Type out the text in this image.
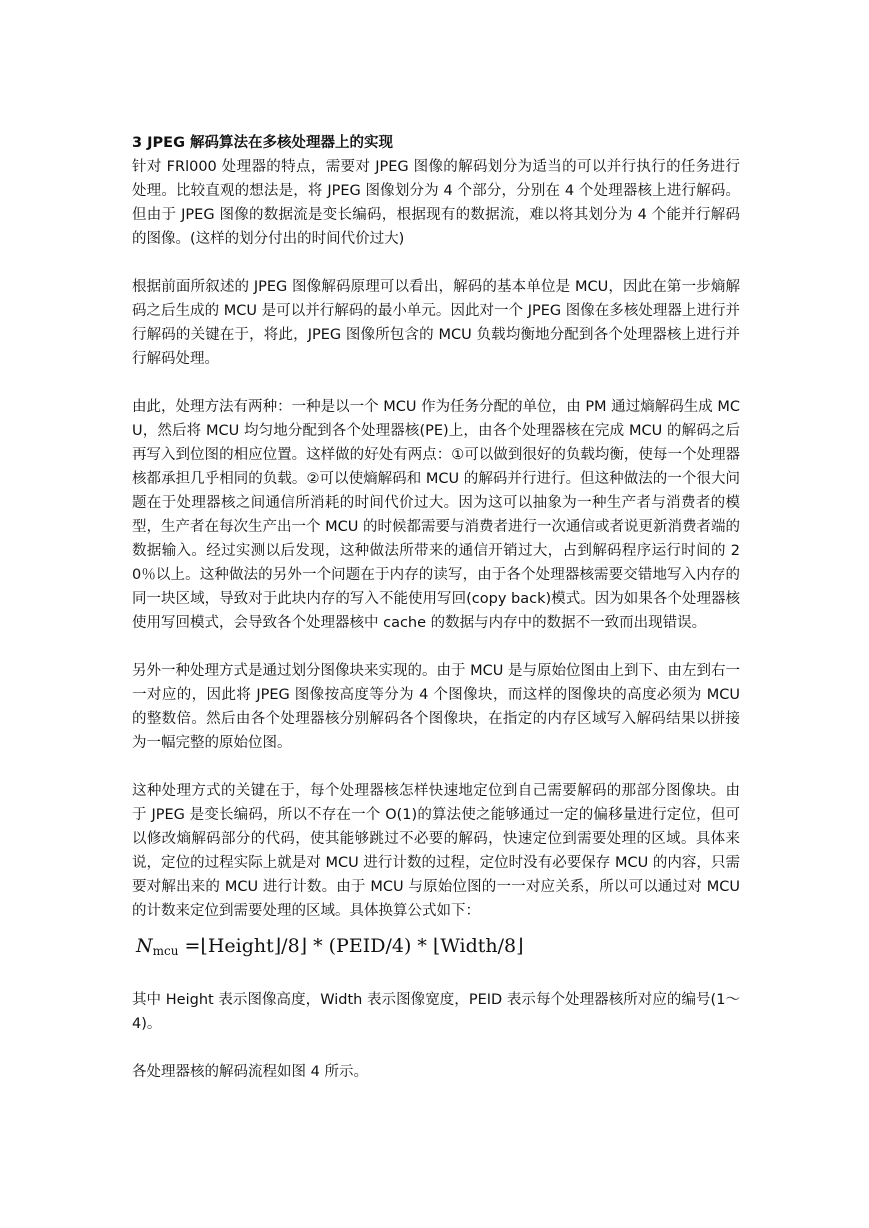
3 JPEG 解码算法在多核处理器上的实现

针对 FRl000 处理器的特点，需要对 JPEG 图像的解码划分为适当的可以并行执行的任务进行处理。比较直观的想法是，将 JPEG 图像划分为 4 个部分，分别在 4 个处理器核上进行解码。但由于 JPEG 图像的数据流是变长编码，根据现有的数据流，难以将其划分为 4 个能并行解码的图像。(这样的划分付出的时间代价过大)

根据前面所叙述的 JPEG 图像解码原理可以看出，解码的基本单位是 MCU，因此在第一步熵解码之后生成的 MCU 是可以并行解码的最小单元。因此对一个 JPEG 图像在多核处理器上进行并行解码的关键在于，将此，JPEG 图像所包含的 MCU 负载均衡地分配到各个处理器核上进行并行解码处理。

由此，处理方法有两种：一种是以一个 MCU 作为任务分配的单位，由 PM 通过熵解码生成 MCU，然后将 MCU 均匀地分配到各个处理器核(PE)上，由各个处理器核在完成 MCU 的解码之后再写入到位图的相应位置。这样做的好处有两点：①可以做到很好的负载均衡，使每一个处理器核都承担几乎相同的负载。②可以使熵解码和 MCU 的解码并行进行。但这种做法的一个很大问题在于处理器核之间通信所消耗的时间代价过大。因为这可以抽象为一种生产者与消费者的模型，生产者在每次生产出一个 MCU 的时候都需要与消费者进行一次通信或者说更新消费者端的数据输入。经过实测以后发现，这种做法所带来的通信开销过大，占到解码程序运行时间的 20％以上。这种做法的另外一个问题在于内存的读写，由于各个处理器核需要交错地写入内存的同一块区域，导致对于此块内存的写入不能使用写回(copy back)模式。因为如果各个处理器核使用写回模式，会导致各个处理器核中 cache 的数据与内存中的数据不一致而出现错误。

另外一种处理方式是通过划分图像块来实现的。由于 MCU 是与原始位图由上到下、由左到右一一对应的，因此将 JPEG 图像按高度等分为 4 个图像块，而这样的图像块的高度必须为 MCU 的整数倍。然后由各个处理器核分别解码各个图像块，在指定的内存区域写入解码结果以拼接为一幅完整的原始位图。

这种处理方式的关键在于，每个处理器核怎样快速地定位到自己需要解码的那部分图像块。由于 JPEG 是变长编码，所以不存在一个 O(1)的算法使之能够通过一定的偏移量进行定位，但可以修改熵解码部分的代码，使其能够跳过不必要的解码，快速定位到需要处理的区域。具体来说，定位的过程实际上就是对 MCU 进行计数的过程，定位时没有必要保存 MCU 的内容，只需要对解出来的 MCU 进行计数。由于 MCU 与原始位图的一一对应关系，所以可以通过对 MCU 的计数来定位到需要处理的区域。具体换算公式如下：

$N_{mcu}$ =⌊Height⌋/8⌋ * (PEID/4) * ⌊Width/8⌋

其中 Height 表示图像高度，Width 表示图像宽度，PEID 表示每个处理器核所对应的编号(1～4)。

各处理器核的解码流程如图 4 所示。
